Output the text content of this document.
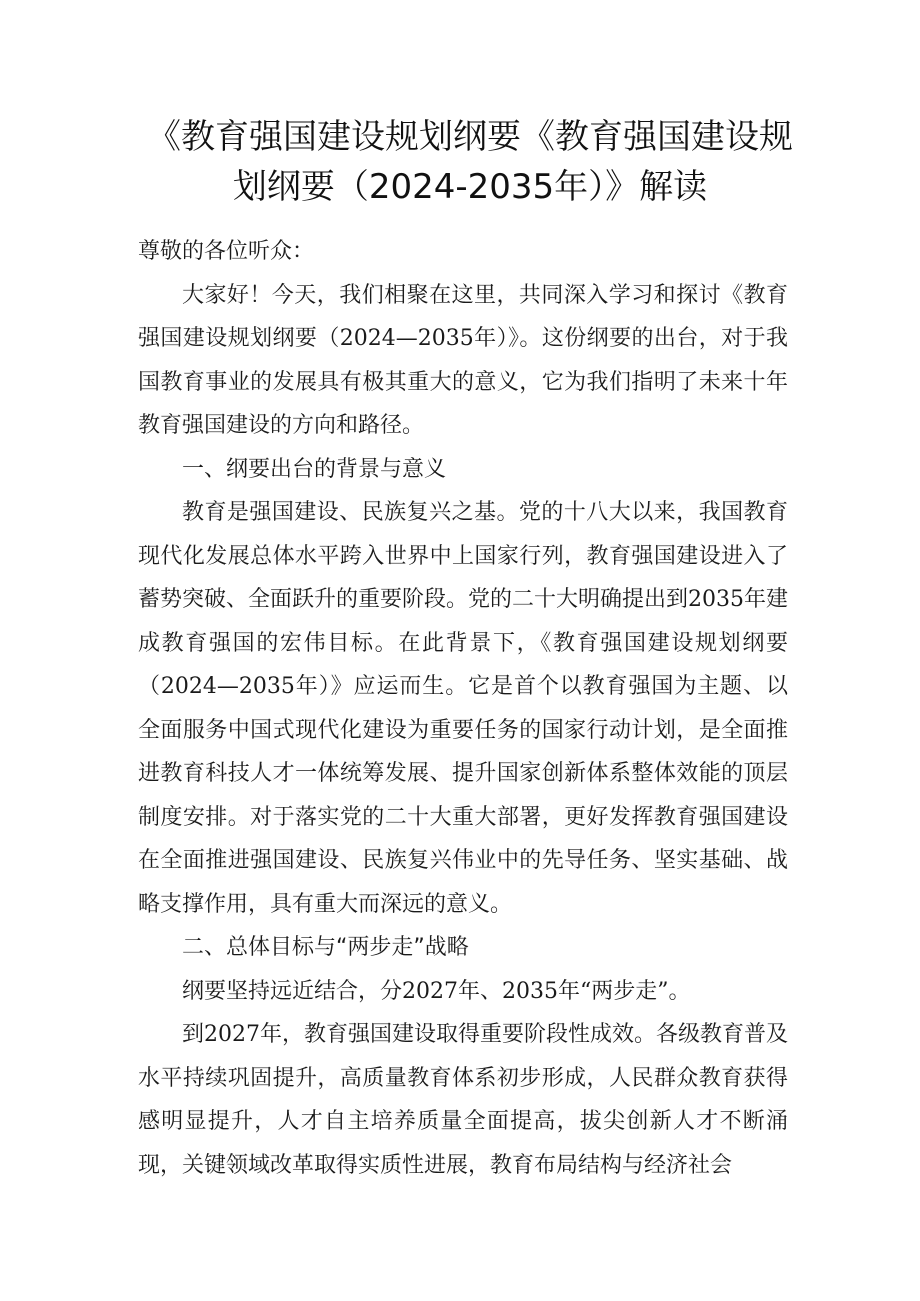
《教育强国建设规划纲要《教育强国建设规划纲要（2024-2035年）》解读

尊敬的各位听众：

大家好！今天，我们相聚在这里，共同深入学习和探讨《教育强国建设规划纲要（2024—2035年）》。这份纲要的出台，对于我国教育事业的发展具有极其重大的意义，它为我们指明了未来十年教育强国建设的方向和路径。

一、纲要出台的背景与意义

教育是强国建设、民族复兴之基。党的十八大以来，我国教育现代化发展总体水平跨入世界中上国家行列，教育强国建设进入了蓄势突破、全面跃升的重要阶段。党的二十大明确提出到2035年建成教育强国的宏伟目标。在此背景下，《教育强国建设规划纲要（2024—2035年）》应运而生。它是首个以教育强国为主题、以全面服务中国式现代化建设为重要任务的国家行动计划，是全面推进教育科技人才一体统筹发展、提升国家创新体系整体效能的顶层制度安排。对于落实党的二十大重大部署，更好发挥教育强国建设在全面推进强国建设、民族复兴伟业中的先导任务、坚实基础、战略支撑作用，具有重大而深远的意义。

二、总体目标与“两步走”战略

纲要坚持远近结合，分2027年、2035年“两步走”。

到2027年，教育强国建设取得重要阶段性成效。各级教育普及水平持续巩固提升，高质量教育体系初步形成，人民群众教育获得感明显提升，人才自主培养质量全面提高，拔尖创新人才不断涌现，关键领域改革取得实质性进展，教育布局结构与经济社会
